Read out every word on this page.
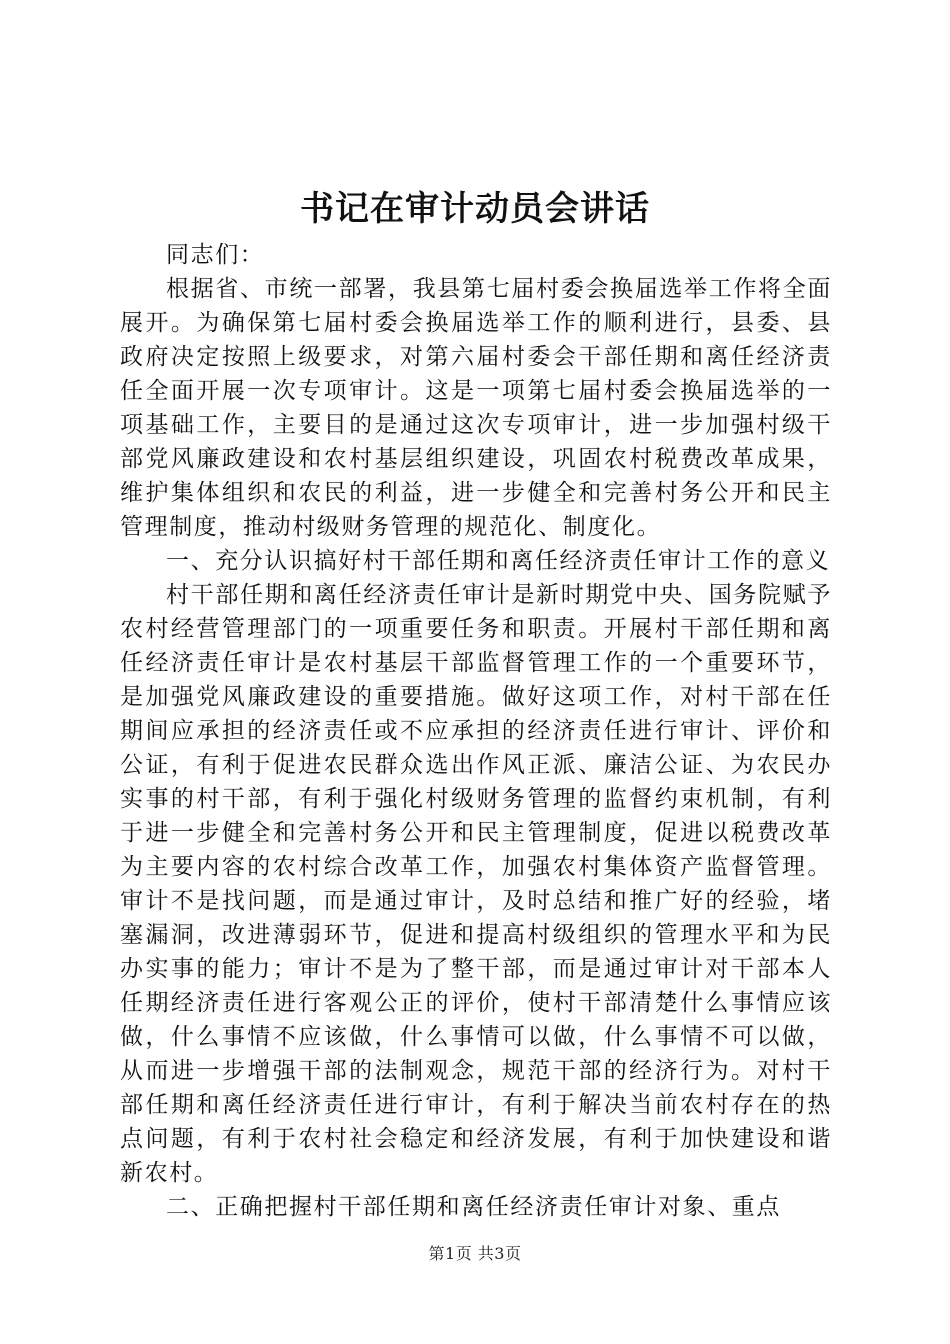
书记在审计动员会讲话

同志们：

根据省、市统一部署，我县第七届村委会换届选举工作将全面展开。为确保第七届村委会换届选举工作的顺利进行，县委、县政府决定按照上级要求，对第六届村委会干部任期和离任经济责任全面开展一次专项审计。这是一项第七届村委会换届选举的一项基础工作，主要目的是通过这次专项审计，进一步加强村级干部党风廉政建设和农村基层组织建设，巩固农村税费改革成果，维护集体组织和农民的利益，进一步健全和完善村务公开和民主管理制度，推动村级财务管理的规范化、制度化。

一、充分认识搞好村干部任期和离任经济责任审计工作的意义

村干部任期和离任经济责任审计是新时期党中央、国务院赋予农村经营管理部门的一项重要任务和职责。开展村干部任期和离任经济责任审计是农村基层干部监督管理工作的一个重要环节，是加强党风廉政建设的重要措施。做好这项工作，对村干部在任期间应承担的经济责任或不应承担的经济责任进行审计、评价和公证，有利于促进农民群众选出作风正派、廉洁公证、为农民办实事的村干部，有利于强化村级财务管理的监督约束机制，有利于进一步健全和完善村务公开和民主管理制度，促进以税费改革为主要内容的农村综合改革工作，加强农村集体资产监督管理。审计不是找问题，而是通过审计，及时总结和推广好的经验，堵塞漏洞，改进薄弱环节，促进和提高村级组织的管理水平和为民办实事的能力；审计不是为了整干部，而是通过审计对干部本人任期经济责任进行客观公正的评价，使村干部清楚什么事情应该做，什么事情不应该做，什么事情可以做，什么事情不可以做，从而进一步增强干部的法制观念，规范干部的经济行为。对村干部任期和离任经济责任进行审计，有利于解决当前农村存在的热点问题，有利于农村社会稳定和经济发展，有利于加快建设和谐新农村。

二、正确把握村干部任期和离任经济责任审计对象、重点

第1页 共3页
